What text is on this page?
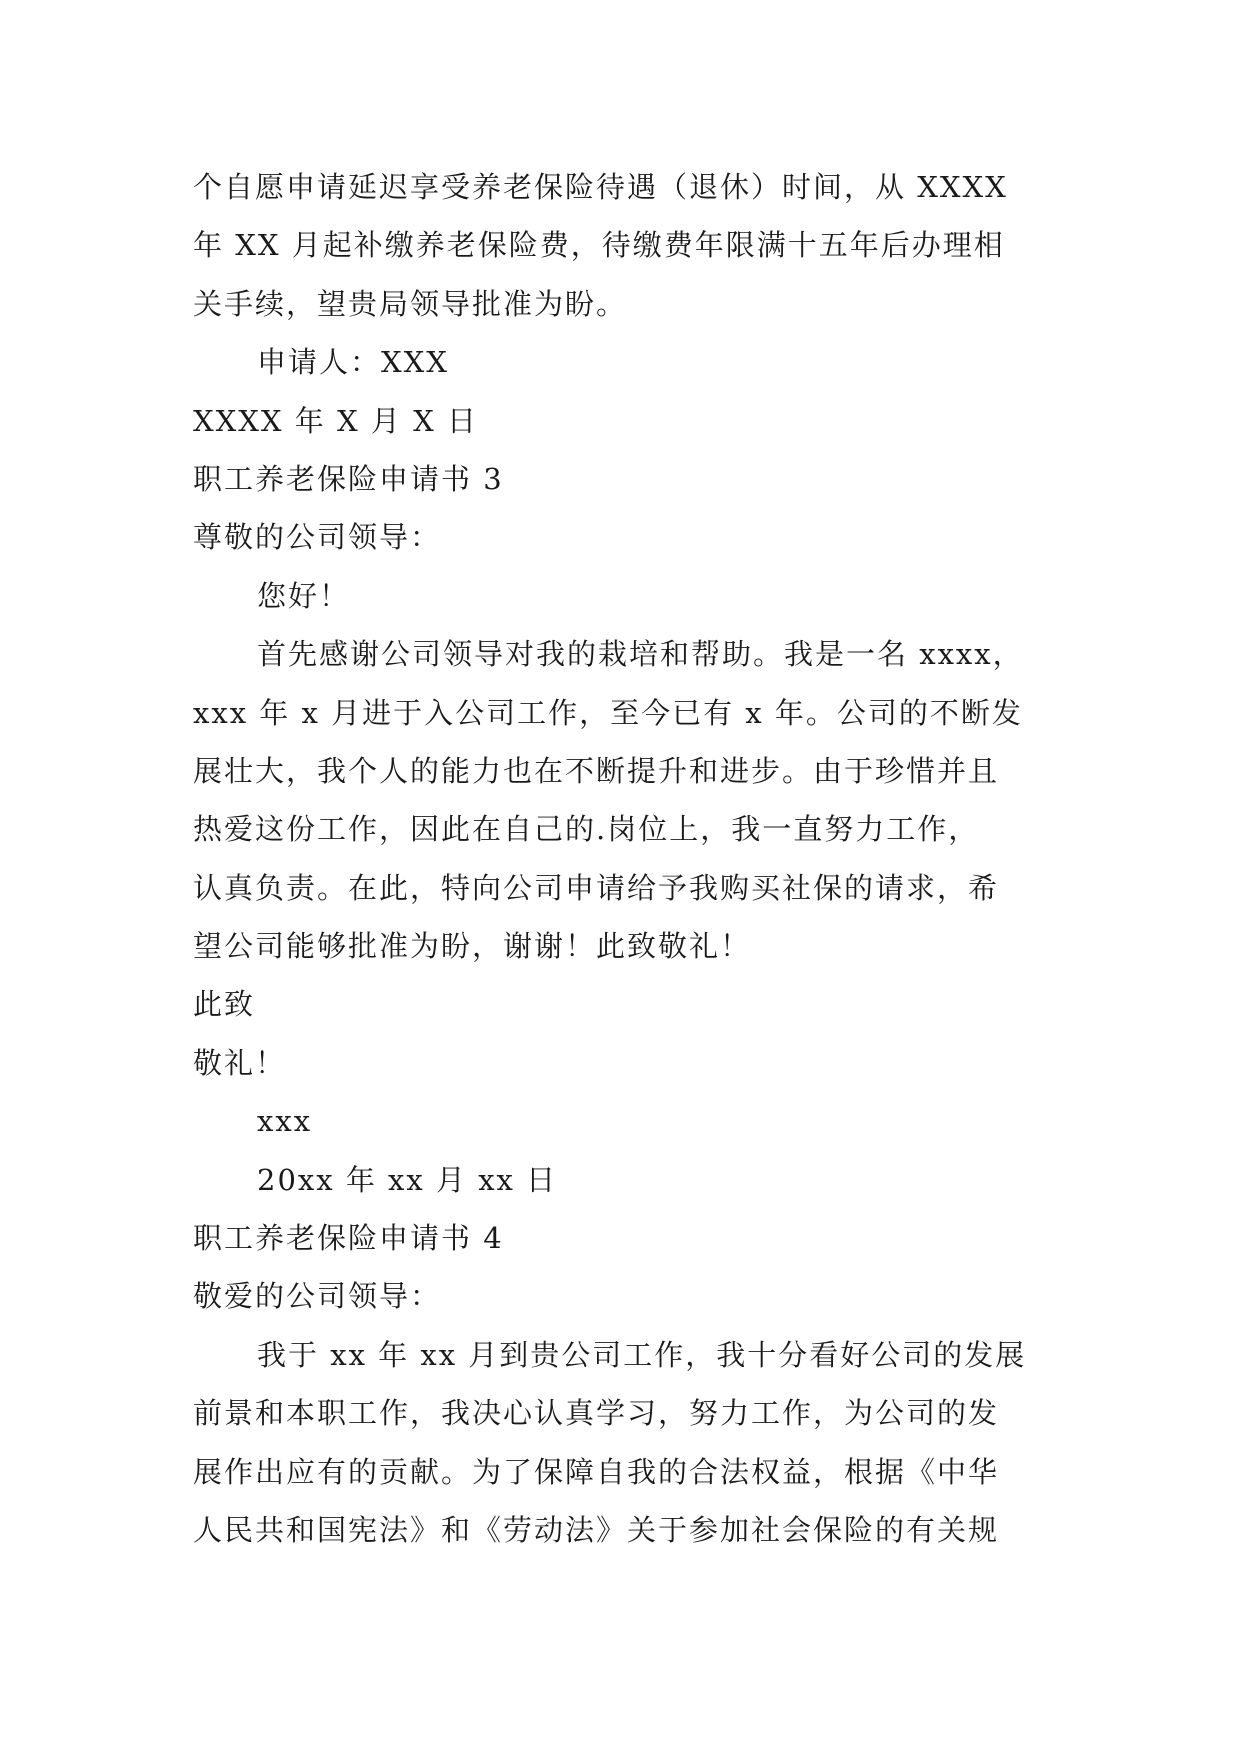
个自愿申请延迟享受养老保险待遇（退休）时间，从 XXXX
年 XX 月起补缴养老保险费，待缴费年限满十五年后办理相
关手续，望贵局领导批准为盼。
申请人：XXX
XXXX 年 X 月 X 日
职工养老保险申请书 3
尊敬的公司领导：
您好！
首先感谢公司领导对我的栽培和帮助。我是一名 xxxx，
xxx 年 x 月进于入公司工作，至今已有 x 年。公司的不断发
展壮大，我个人的能力也在不断提升和进步。由于珍惜并且
热爱这份工作，因此在自己的.岗位上，我一直努力工作，
认真负责。在此，特向公司申请给予我购买社保的请求，希
望公司能够批准为盼，谢谢！此致敬礼！
此致
敬礼！
xxx
20xx 年 xx 月 xx 日
职工养老保险申请书 4
敬爱的公司领导：
我于 xx 年 xx 月到贵公司工作，我十分看好公司的发展
前景和本职工作，我决心认真学习，努力工作，为公司的发
展作出应有的贡献。为了保障自我的合法权益，根据《中华
人民共和国宪法》和《劳动法》关于参加社会保险的有关规
